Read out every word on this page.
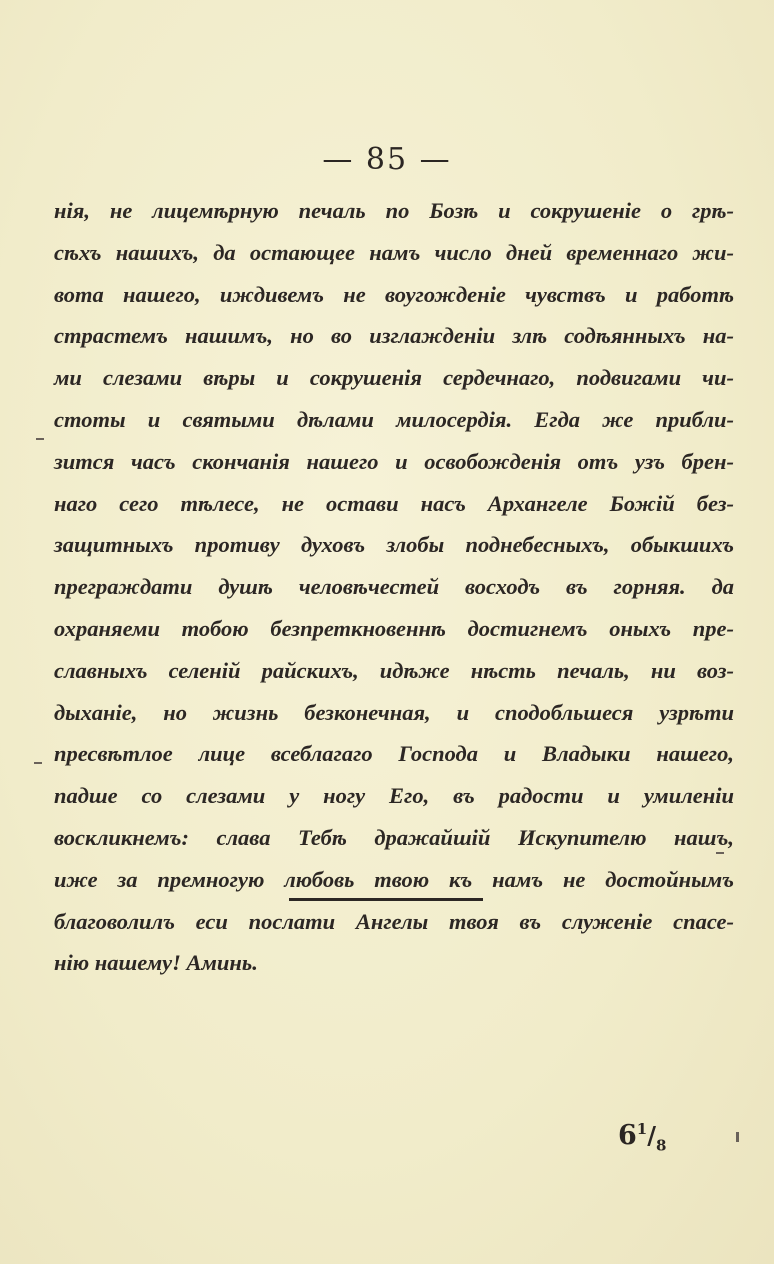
— 85 —
нія, не лицемѣрную печаль по Бозѣ и сокрушеніе о грѣ-
сѣхъ нашихъ, да остающее намъ число дней временнаго жи-
вота нашего, иждивемъ не воугожденіе чувствъ и работѣ
страстемъ нашимъ, но во изглажденіи злѣ содѣянныхъ на-
ми слезами вѣры и сокрушенія сердечнаго, подвигами чи-
стоты и святыми дѣлами милосердія. Егда же прибли-
зится часъ скончанія нашего и освобожденія отъ узъ брен-
наго сего тѣлесе, не остави насъ Архангеле Божій без-
защитныхъ противу духовъ злобы поднебесныхъ, обыкшихъ
преграждати душѣ человѣчестей восходъ въ горняя. да
охраняеми тобою безпреткновеннѣ достигнемъ оныхъ пре-
славныхъ селеній райскихъ, идѣже нѣсть печаль, ни воз-
дыханіе, но жизнь безконечная, и сподобльшеся узрѣти
пресвѣтлое лице всеблагаго Господа и Владыки нашего,
падше со слезами у ногу Его, въ радости и умиленіи
воскликнемъ: слава Тебѣ дражайшій Искупителю нашъ,
иже за премногую любовь твою къ намъ не достойнымъ
благоволилъ еси послати Ангелы твоя въ служеніе спасе-
нію нашему! Аминь.
$6^1/_8$
